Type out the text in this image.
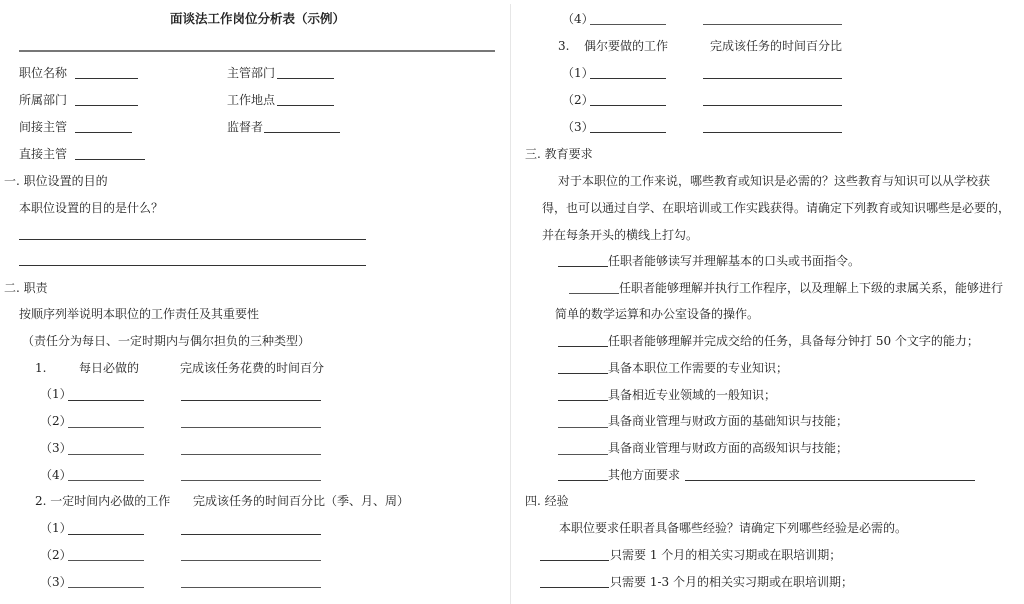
面谈法工作岗位分析表（示例）
职位名称	主管部门
所属部门	工作地点
间接主管	监督者
直接主管
一. 职位设置的目的
本职位设置的目的是什么？
二. 职责
按顺序列举说明本职位的工作责任及其重要性
（责任分为每日、一定时期内与偶尔担负的三种类型）
1.	每日必做的	完成该任务花费的时间百分
（1）
（2）
（3）
（4）
2. 一定时间内必做的工作 完成该任务的时间百分比（季、月、周）
（1）
（2）
（3）
（4）
3. 偶尔要做的工作	完成该任务的时间百分比
（1）
（2）
（3）
三. 教育要求
对于本职位的工作来说，哪些教育或知识是必需的？这些教育与知识可以从学校获
得，也可以通过自学、在职培训或工作实践获得。请确定下列教育或知识哪些是必要的，
并在每条开头的横线上打勾。
任职者能够读写并理解基本的口头或书面指令。
任职者能够理解并执行工作程序，以及理解上下级的隶属关系，能够进行
简单的数学运算和办公室设备的操作。
任职者能够理解并完成交给的任务，具备每分钟打 50 个文字的能力；
具备本职位工作需要的专业知识；
具备相近专业领域的一般知识；
具备商业管理与财政方面的基础知识与技能；
具备商业管理与财政方面的高级知识与技能；
其他方面要求
四. 经验
本职位要求任职者具备哪些经验？请确定下列哪些经验是必需的。
只需要 1 个月的相关实习期或在职培训期；
只需要 1-3 个月的相关实习期或在职培训期；
